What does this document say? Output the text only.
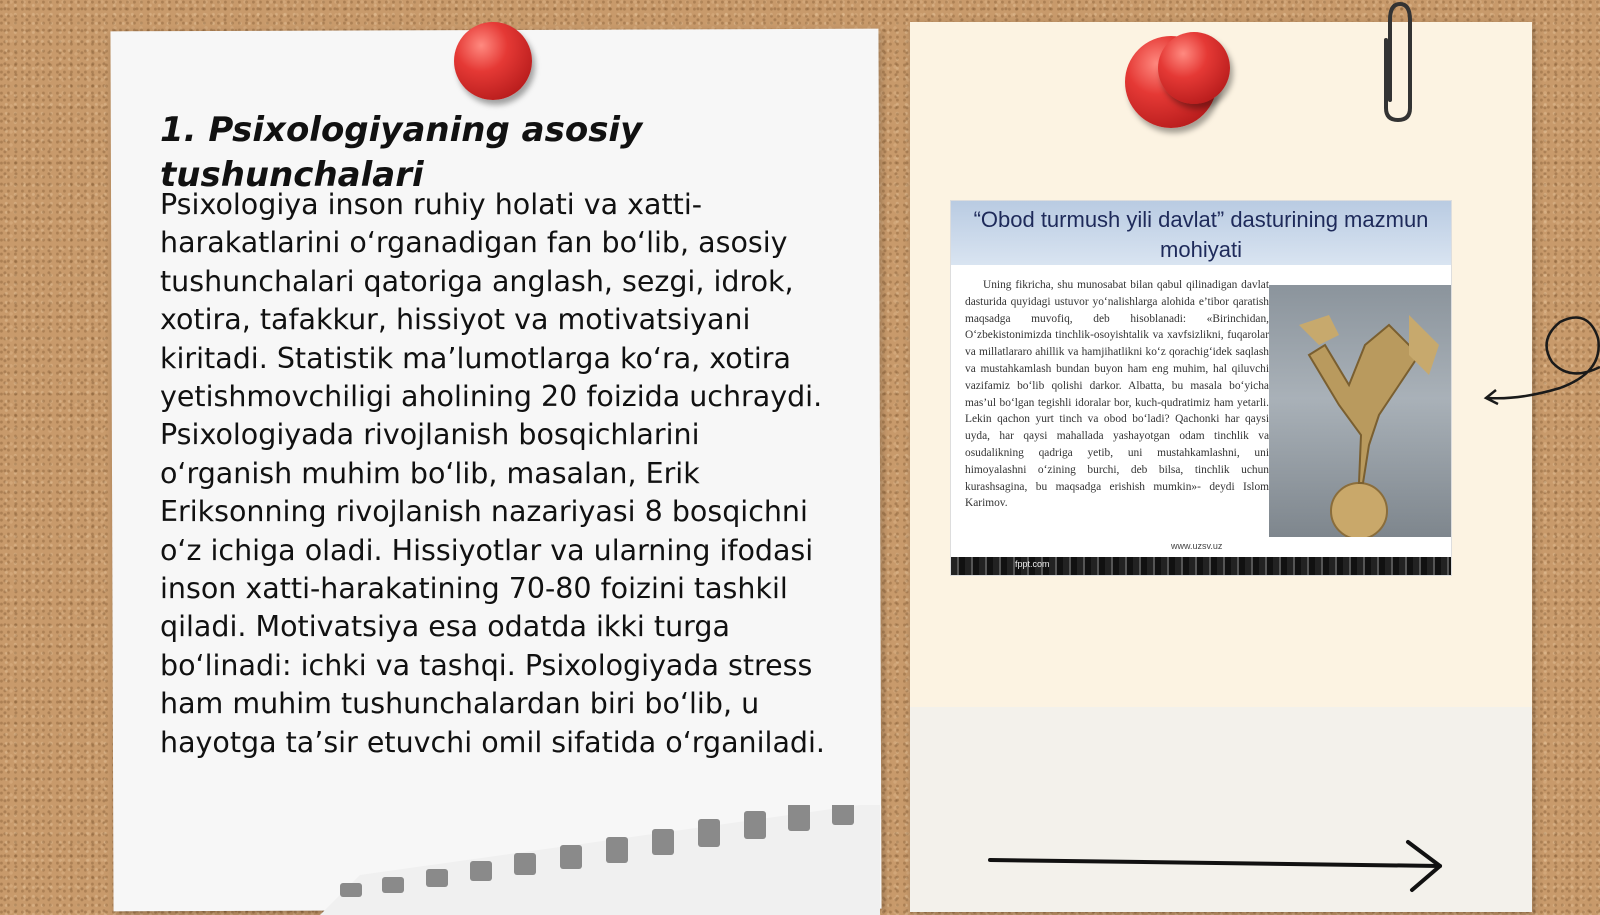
1. Psixologiyaning asosiy tushunchalari

Psixologiya inson ruhiy holati va xatti-harakatlarini o‘rganadigan fan bo‘lib, asosiy tushunchalari qatoriga anglash, sezgi, idrok, xotira, tafakkur, hissiyot va motivatsiyani kiritadi. Statistik ma’lumotlarga ko‘ra, xotira yetishmovchiligi aholining 20 foizida uchraydi. Psixologiyada rivojlanish bosqichlarini o‘rganish muhim bo‘lib, masalan, Erik Eriksonning rivojlanish nazariyasi 8 bosqichni o‘z ichiga oladi. Hissiyotlar va ularning ifodasi inson xatti-harakatining 70-80 foizini tashkil qiladi. Motivatsiya esa odatda ikki turga bo‘linadi: ichki va tashqi. Psixologiyada stress ham muhim tushunchalardan biri bo‘lib, u hayotga ta’sir etuvchi omil sifatida o‘rganiladi.

“Obod turmush yili davlat” dasturining mazmun mohiyati

Uning fikricha, shu munosabat bilan qabul qilinadigan davlat dasturida quyidagi ustuvor yo‘nalishlarga alohida e’tibor qaratish maqsadga muvofiq, deb hisoblanadi: «Birinchidan, O‘zbekistonimizda tinchlik-osoyishtalik va xavfsizlikni, fuqarolar va millatlararo ahillik va hamjihatlikni ko‘z qorachig‘idek saqlash va mustahkamlash bundan buyon ham eng muhim, hal qiluvchi vazifamiz bo‘lib qolishi darkor. Albatta, bu masala bo‘yicha mas’ul bo‘lgan tegishli idoralar bor, kuch-qudratimiz ham yetarli. Lekin qachon yurt tinch va obod bo‘ladi? Qachonki har qaysi uyda, har qaysi mahallada yashayotgan odam tinchlik va osudalikning qadriga yetib, uni mustahkamlashni, uni himoyalashni o‘zining burchi, deb bilsa, tinchlik uchun kurashsagina, bu maqsadga erishish mumkin»- deydi Islom Karimov.

www.uzsv.uz
fppt.com
